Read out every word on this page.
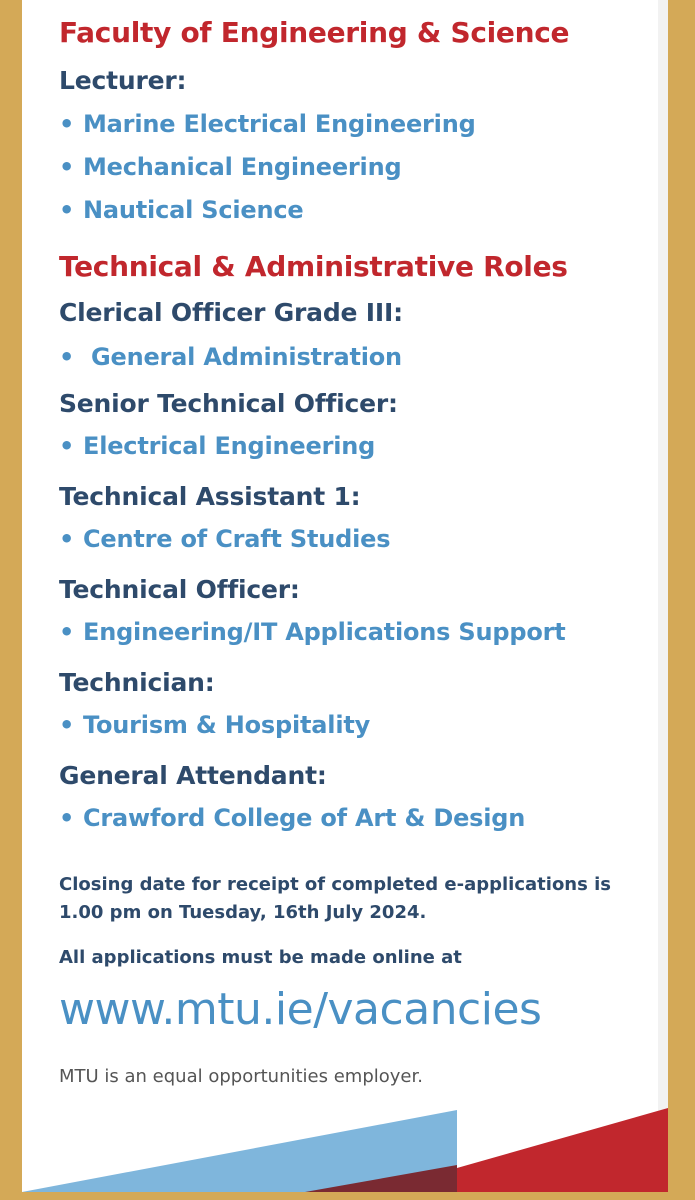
Faculty of Engineering & Science
Lecturer:
• Marine Electrical Engineering
• Mechanical Engineering
• Nautical Science
Technical & Administrative Roles
Clerical Officer Grade III:
• General Administration
Senior Technical Officer:
• Electrical Engineering
Technical Assistant 1:
• Centre of Craft Studies
Technical Officer:
• Engineering/IT Applications Support
Technician:
• Tourism & Hospitality
General Attendant:
• Crawford College of Art & Design
Closing date for receipt of completed e-applications is
1.00 pm on Tuesday, 16th July 2024.
All applications must be made online at
www.mtu.ie/vacancies
MTU is an equal opportunities employer.
